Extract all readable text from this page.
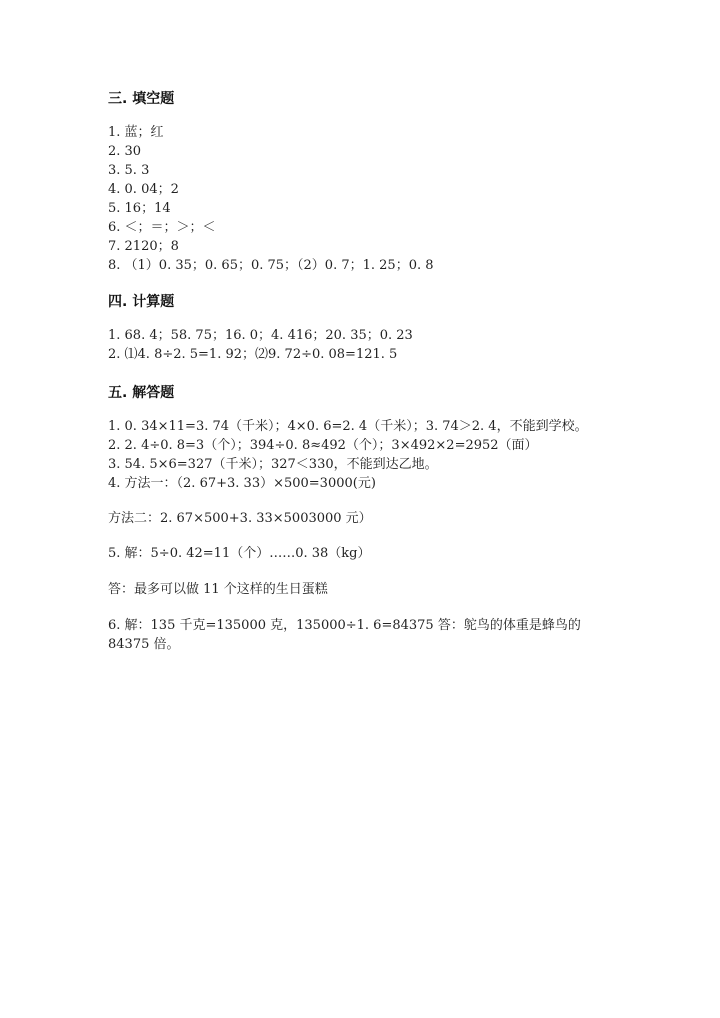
三. 填空题
1. 蓝；红
2. 30
3. 5. 3
4. 0. 04；2
5. 16；14
6. ＜；＝；＞；＜
7. 2120；8
8. （1）0. 35；0. 65；0. 75；（2）0. 7；1. 25；0. 8
四. 计算题
1. 68. 4；58. 75；16. 0；4. 416；20. 35；0. 23
2. ⑴4. 8÷2. 5=1. 92；⑵9. 72÷0. 08=121. 5
五. 解答题
1. 0. 34×11=3. 74（千米）；4×0. 6=2. 4（千米）；3. 74＞2. 4，不能到学校。
2. 2. 4÷0. 8=3（个）；394÷0. 8≈492（个）；3×492×2=2952（面）
3. 54. 5×6=327（千米）；327＜330，不能到达乙地。
4. 方法一：（2. 67+3. 33）×500=3000(元)
方法二：2. 67×500+3. 33×5003000 元）
5. 解：5÷0. 42=11（个）……0. 38（kg）
答：最多可以做 11 个这样的生日蛋糕
6. 解：135 千克=135000 克，135000÷1. 6=84375 答：鸵鸟的体重是蜂鸟的
84375 倍。
